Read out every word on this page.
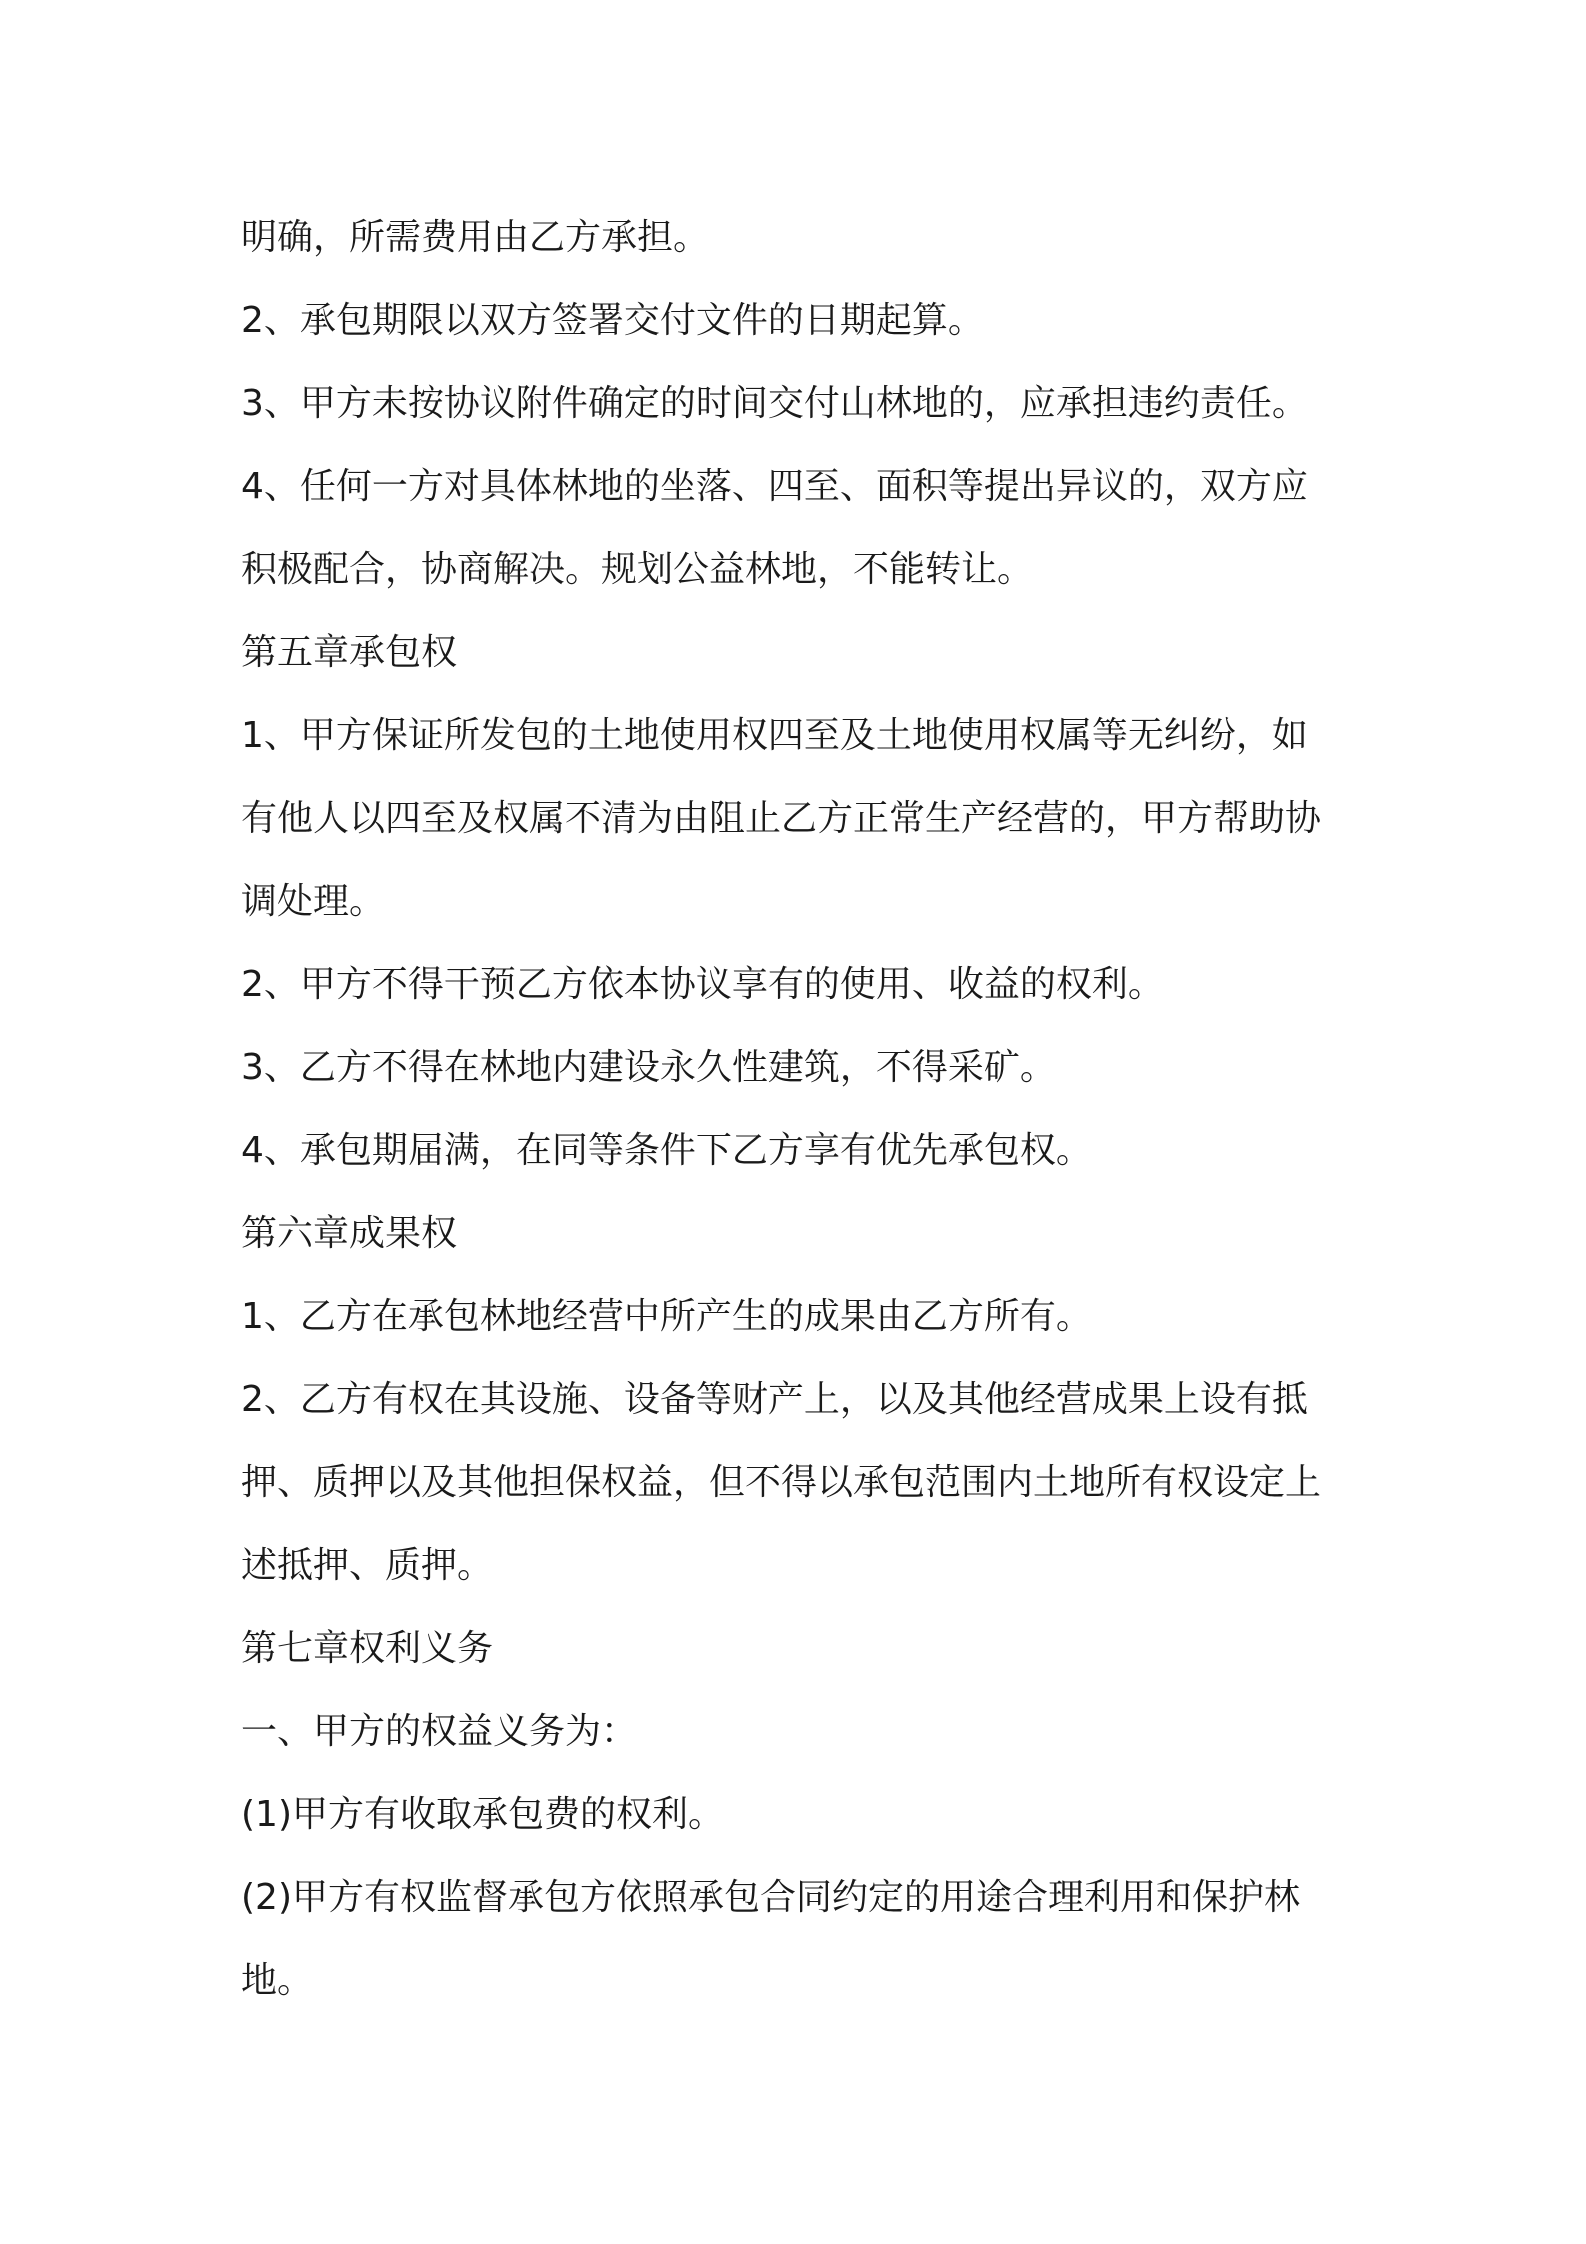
明确，所需费用由乙方承担。
2、承包期限以双方签署交付文件的日期起算。
3、甲方未按协议附件确定的时间交付山林地的，应承担违约责任。
4、任何一方对具体林地的坐落、四至、面积等提出异议的，双方应
积极配合，协商解决。规划公益林地，不能转让。
第五章承包权
1、甲方保证所发包的土地使用权四至及土地使用权属等无纠纷，如
有他人以四至及权属不清为由阻止乙方正常生产经营的，甲方帮助协
调处理。
2、甲方不得干预乙方依本协议享有的使用、收益的权利。
3、乙方不得在林地内建设永久性建筑，不得采矿。
4、承包期届满，在同等条件下乙方享有优先承包权。
第六章成果权
1、乙方在承包林地经营中所产生的成果由乙方所有。
2、乙方有权在其设施、设备等财产上，以及其他经营成果上设有抵
押、质押以及其他担保权益，但不得以承包范围内土地所有权设定上
述抵押、质押。
第七章权利义务
一、甲方的权益义务为：
(1)甲方有收取承包费的权利。
(2)甲方有权监督承包方依照承包合同约定的用途合理利用和保护林
地。
